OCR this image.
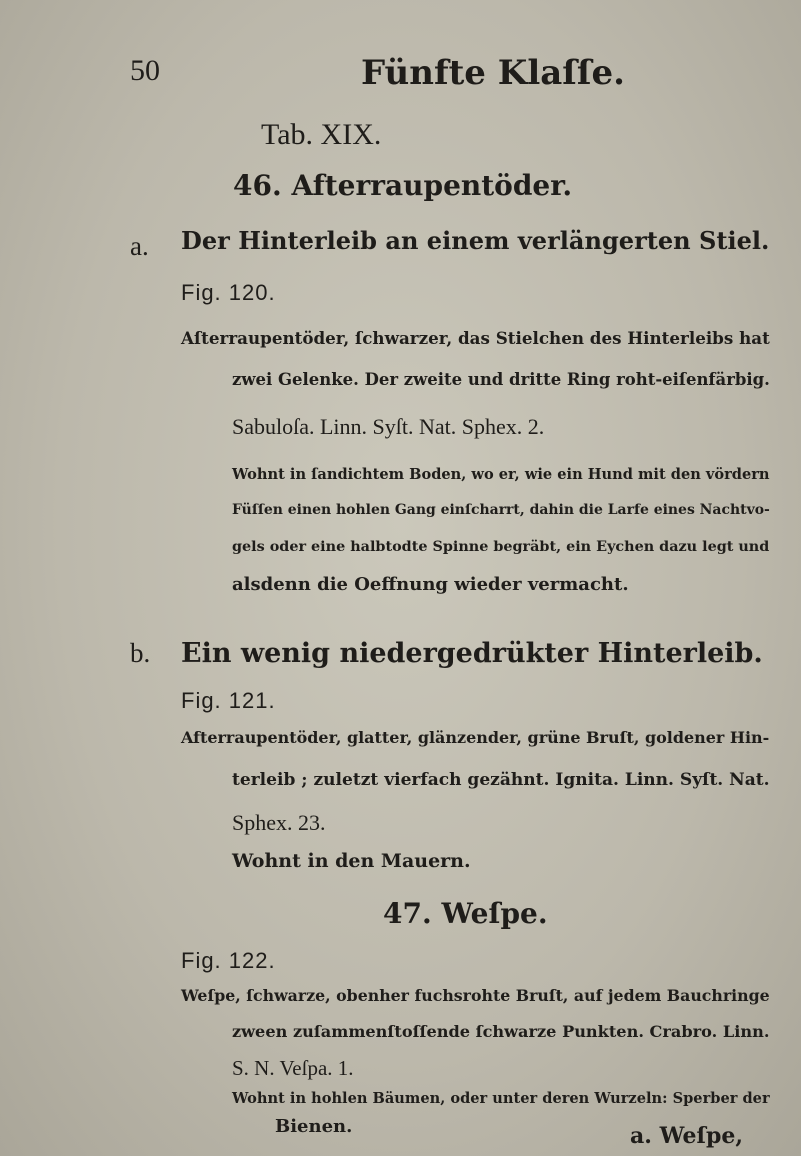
50	Fünfte Klaſſe.
Tab. XIX.
46. Afterraupentöder.
a. Der Hinterleib an einem verlängerten Stiel.
Fig. 120.
Aſterraupentöder, ſchwarzer, das Stielchen des Hinterleibs hat
zwei Gelenke. Der zweite und dritte Ring roht-eiſenfärbig.
Sabuloſa. Linn. Syſt. Nat. Sphex. 2.
Wohnt in ſandichtem Boden, wo er, wie ein Hund mit den vördern
Füſſen einen hohlen Gang einſcharrt, dahin die Larfe eines Nachtvo-
b.
gels oder eine halbtodte Spinne begräbt, ein Eychen dazu legt und
alsdenn die Oeffnung wieder vermacht.
Ein wenig niedergedrükter Hinterleib.
Fig. 121.
Afterraupentöder, glatter, glänzender, grüne Bruſt, goldener Hin-
terleib ; zuletzt vierfach gezähnt. Ignita. Linn. Syſt. Nat.
Sphex. 23.
Wohnt in den Mauern.
47. Weſpe.
Fig. 122.
Weſpe, ſchwarze, obenher fuchsrohte Bruſt, auf jedem Bauchringe
zween zuſammenſtoſſende ſchwarze Punkten. Crabro. Linn.
S. N. Veſpa. 1.
Wohnt in hohlen Bäumen, oder unter deren Wurzeln: Sperber der
Bienen.	a. Weſpe,
